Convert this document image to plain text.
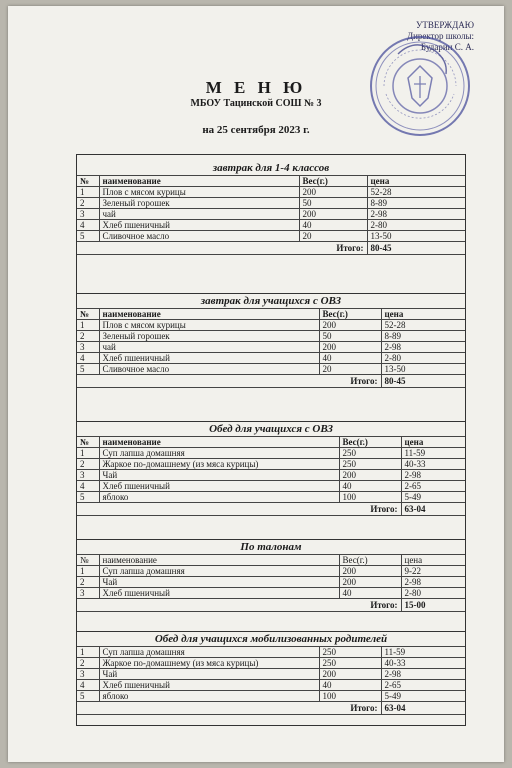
УТВЕРЖДАЮ
Директор школы:
Бударин С. А.
М Е Н Ю
МБОУ Тацинской СОШ № 3
на 25 сентября 2023 г.
завтрак для 1-4 классов
№	наименование	Вес(г.)	цена
1	Плов с мясом курицы	200	52-28
2	Зеленый горошек	50	8-89
3	чай	200	2-98
4	Хлеб пшеничный	40	2-80
5	Сливочное масло	20	13-50
Итого:			80-45
завтрак для учащихся с ОВЗ
№	наименование	Вес(г.)	цена
1	Плов с мясом курицы	200	52-28
2	Зеленый горошек	50	8-89
3	чай	200	2-98
4	Хлеб пшеничный	40	2-80
5	Сливочное масло	20	13-50
Итого:			80-45
Обед для учащихся с ОВЗ
№	наименование	Вес(г.)	цена
1	Суп лапша домашняя	250	11-59
2	Жаркое по-домашнему (из мяса курицы)	250	40-33
3	Чай	200	2-98
4	Хлеб пшеничный	40	2-65
5	яблоко	100	5-49
Итого:			63-04
По талонам
№	наименование	Вес(г.)	цена
1	Суп лапша домашняя	200	9-22
2	Чай	200	2-98
3	Хлеб пшеничный	40	2-80
Итого:			15-00
Обед для учащихся мобилизованных родителей
1	Суп лапша домашняя	250	11-59
2	Жаркое по-домашнему (из мяса курицы)	250	40-33
3	Чай	200	2-98
4	Хлеб пшеничный	40	2-65
5	яблоко	100	5-49
Итого:			63-04
